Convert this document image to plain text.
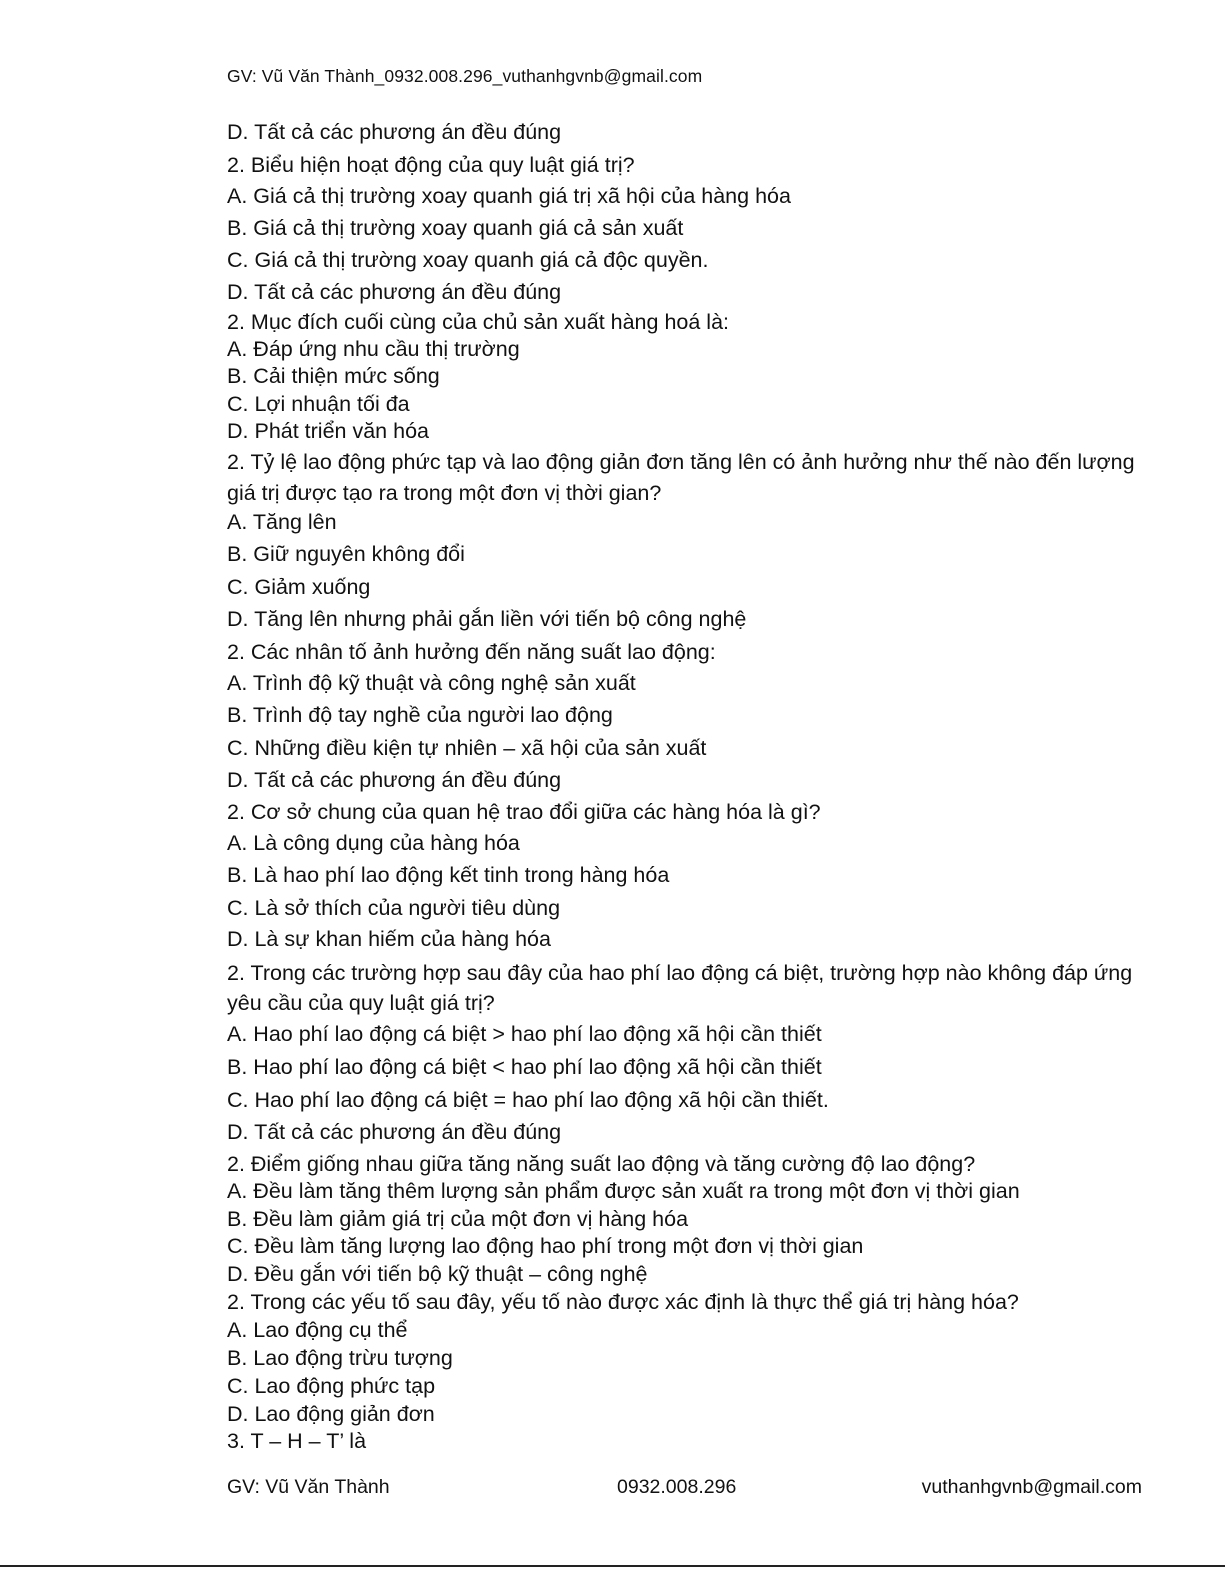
GV: Vũ Văn Thành_0932.008.296_vuthanhgvnb@gmail.com
D. Tất cả các phương án đều đúng
2. Biểu hiện hoạt động của quy luật giá trị?
A. Giá cả thị trường xoay quanh giá trị xã hội của hàng hóa
B. Giá cả thị trường xoay quanh giá cả sản xuất
C. Giá cả thị trường xoay quanh giá cả độc quyền.
D. Tất cả các phương án đều đúng
2. Mục đích cuối cùng của chủ sản xuất hàng hoá là:
A. Đáp ứng nhu cầu thị trường
B. Cải thiện mức sống
C. Lợi nhuận tối đa
D. Phát triển văn hóa
2. Tỷ lệ lao động phức tạp và lao động giản đơn tăng lên có ảnh hưởng như thế nào đến lượng giá trị được tạo ra trong một đơn vị thời gian?
A. Tăng lên
B. Giữ nguyên không đổi
C. Giảm xuống
D. Tăng lên nhưng phải gắn liền với tiến bộ công nghệ
2. Các nhân tố ảnh hưởng đến năng suất lao động:
A. Trình độ kỹ thuật và công nghệ sản xuất
B. Trình độ tay nghề của người lao động
C. Những điều kiện tự nhiên – xã hội của sản xuất
D. Tất cả các phương án đều đúng
2. Cơ sở chung của quan hệ trao đổi giữa các hàng hóa là gì?
A. Là công dụng của hàng hóa
B. Là hao phí lao động kết tinh trong hàng hóa
C. Là sở thích của người tiêu dùng
D. Là sự khan hiếm của hàng hóa
2. Trong các trường hợp sau đây của hao phí lao động cá biệt, trường hợp nào không đáp ứng yêu cầu của quy luật giá trị?
A. Hao phí lao động cá biệt > hao phí lao động xã hội cần thiết
B. Hao phí lao động cá biệt < hao phí lao động xã hội cần thiết
C. Hao phí lao động cá biệt = hao phí lao động xã hội cần thiết.
D. Tất cả các phương án đều đúng
2. Điểm giống nhau giữa tăng năng suất lao động và tăng cường độ lao động?
A. Đều làm tăng thêm lượng sản phẩm được sản xuất ra trong một đơn vị thời gian
B. Đều làm giảm giá trị của một đơn vị hàng hóa
C. Đều làm tăng lượng lao động hao phí trong một đơn vị thời gian
D. Đều gắn với tiến bộ kỹ thuật – công nghệ
2. Trong các yếu tố sau đây, yếu tố nào được xác định là thực thể giá trị hàng hóa?
A. Lao động cụ thể
B. Lao động trừu tượng
C. Lao động phức tạp
D. Lao động giản đơn
3. T – H – T’ là
GV: Vũ Văn Thành	0932.008.296	vuthanhgvnb@gmail.com
